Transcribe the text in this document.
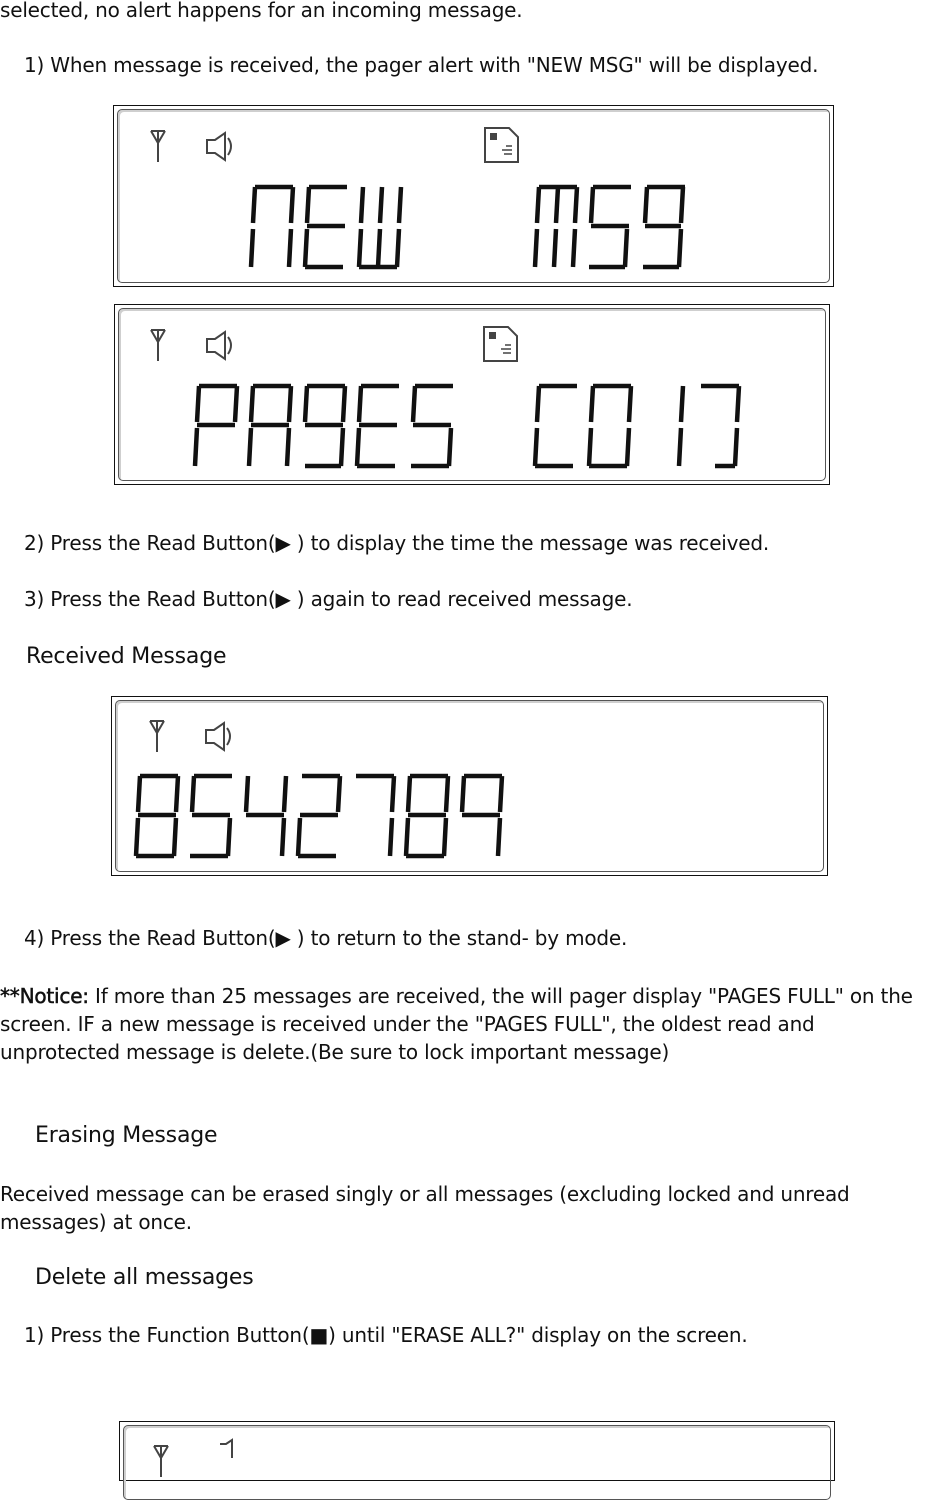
selected, no alert happens for an incoming message.

1) When message is received, the pager alert with "NEW MSG" will be displayed.

2) Press the Read Button(▶ ) to display the time the message was received.

3) Press the Read Button(▶ ) again to read received message.

Received Message

4) Press the Read Button(▶ ) to return to the stand- by mode.

**Notice: If more than 25 messages are received, the will pager display "PAGES FULL" on the screen. IF a new message is received under the "PAGES FULL", the oldest read and unprotected message is delete.(Be sure to lock important message)

Erasing Message

Received message can be erased singly or all messages (excluding locked and unread messages) at once.

Delete all messages

1) Press the Function Button(■) until "ERASE ALL?" display on the screen.
